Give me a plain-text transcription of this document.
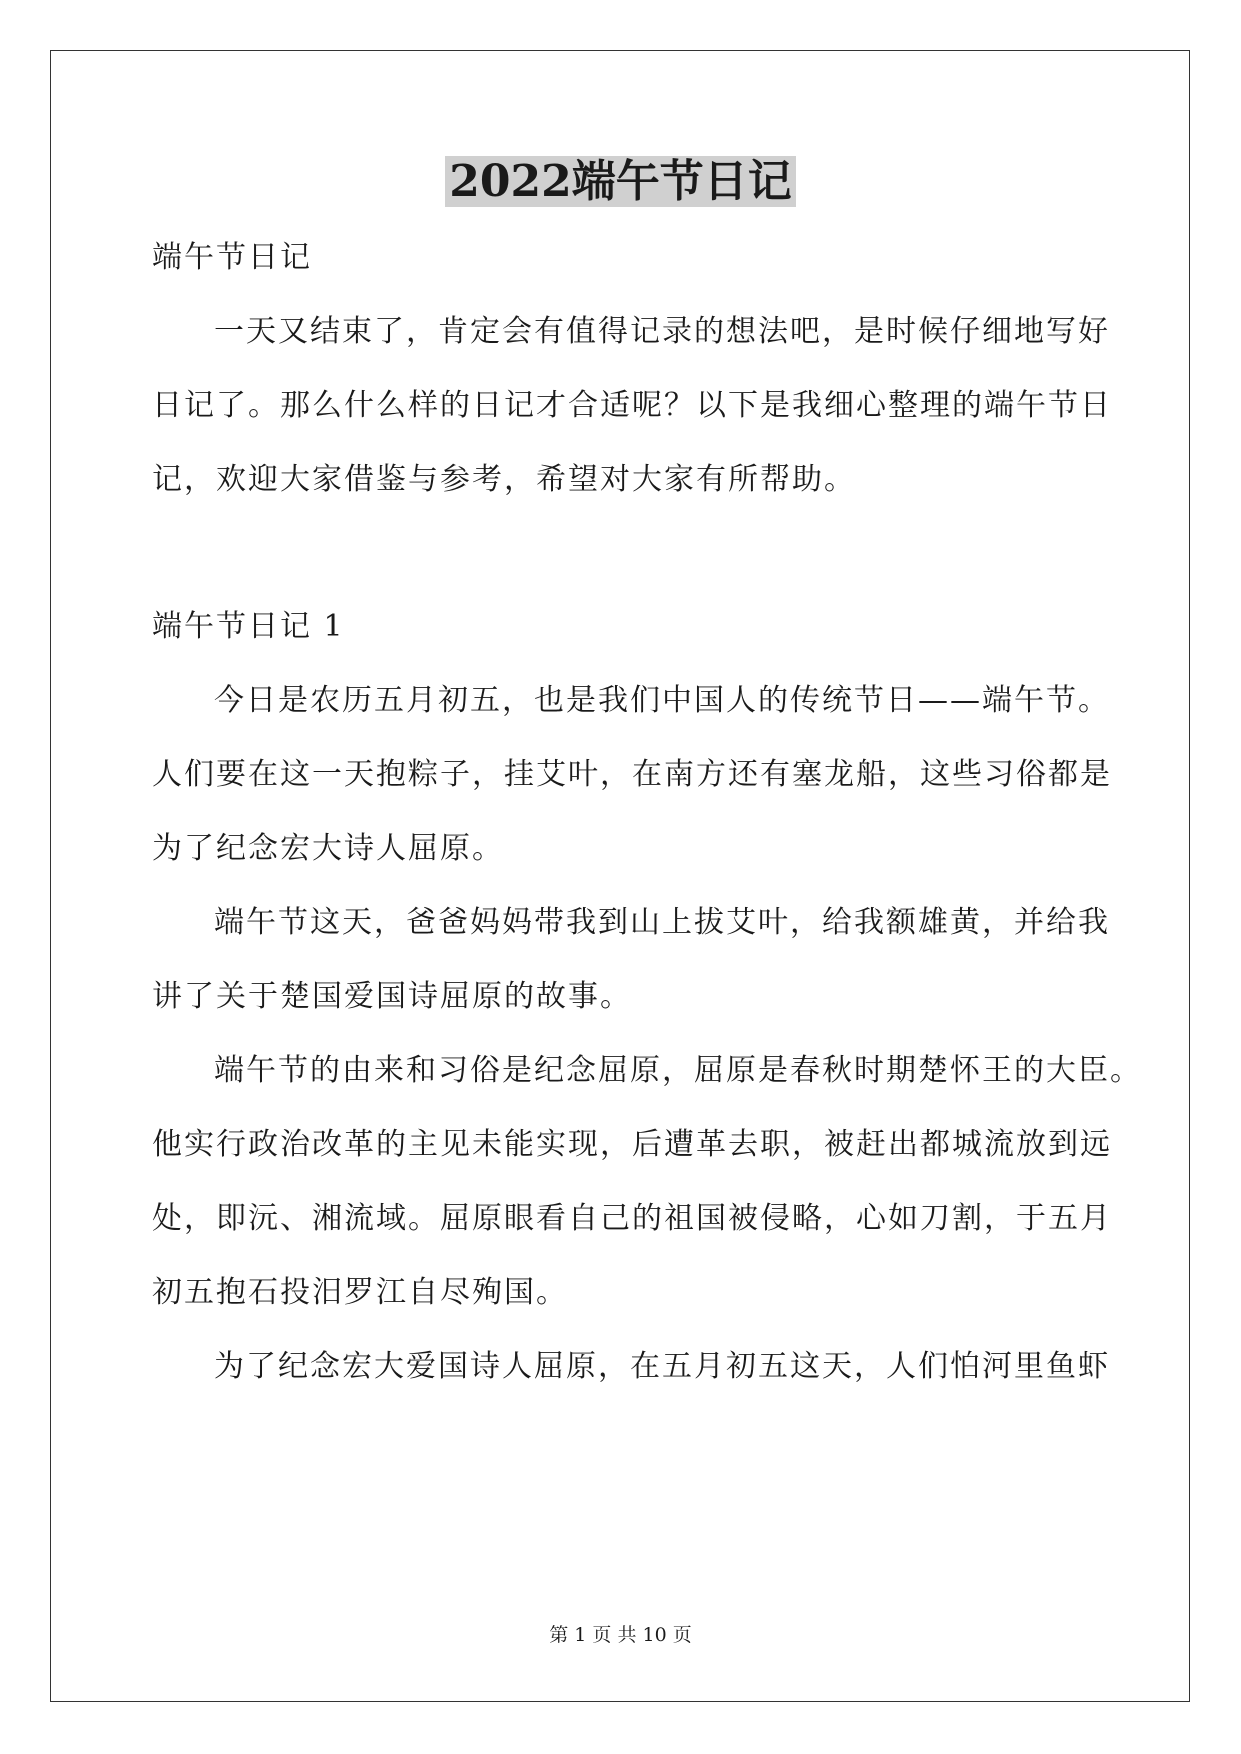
2022端午节日记
端午节日记
一天又结束了，肯定会有值得记录的想法吧，是时候仔细地写好
日记了。那么什么样的日记才合适呢？以下是我细心整理的端午节日
记，欢迎大家借鉴与参考，希望对大家有所帮助。
端午节日记 1
今日是农历五月初五，也是我们中国人的传统节日——端午节。
人们要在这一天抱粽子，挂艾叶，在南方还有塞龙船，这些习俗都是
为了纪念宏大诗人屈原。
端午节这天，爸爸妈妈带我到山上拔艾叶，给我额雄黄，并给我
讲了关于楚国爱国诗屈原的故事。
端午节的由来和习俗是纪念屈原，屈原是春秋时期楚怀王的大臣。
他实行政治改革的主见未能实现，后遭革去职，被赶出都城流放到远
处，即沅、湘流域。屈原眼看自己的祖国被侵略，心如刀割，于五月
初五抱石投汨罗江自尽殉国。
为了纪念宏大爱国诗人屈原，在五月初五这天，人们怕河里鱼虾
第 1 页 共 10 页
